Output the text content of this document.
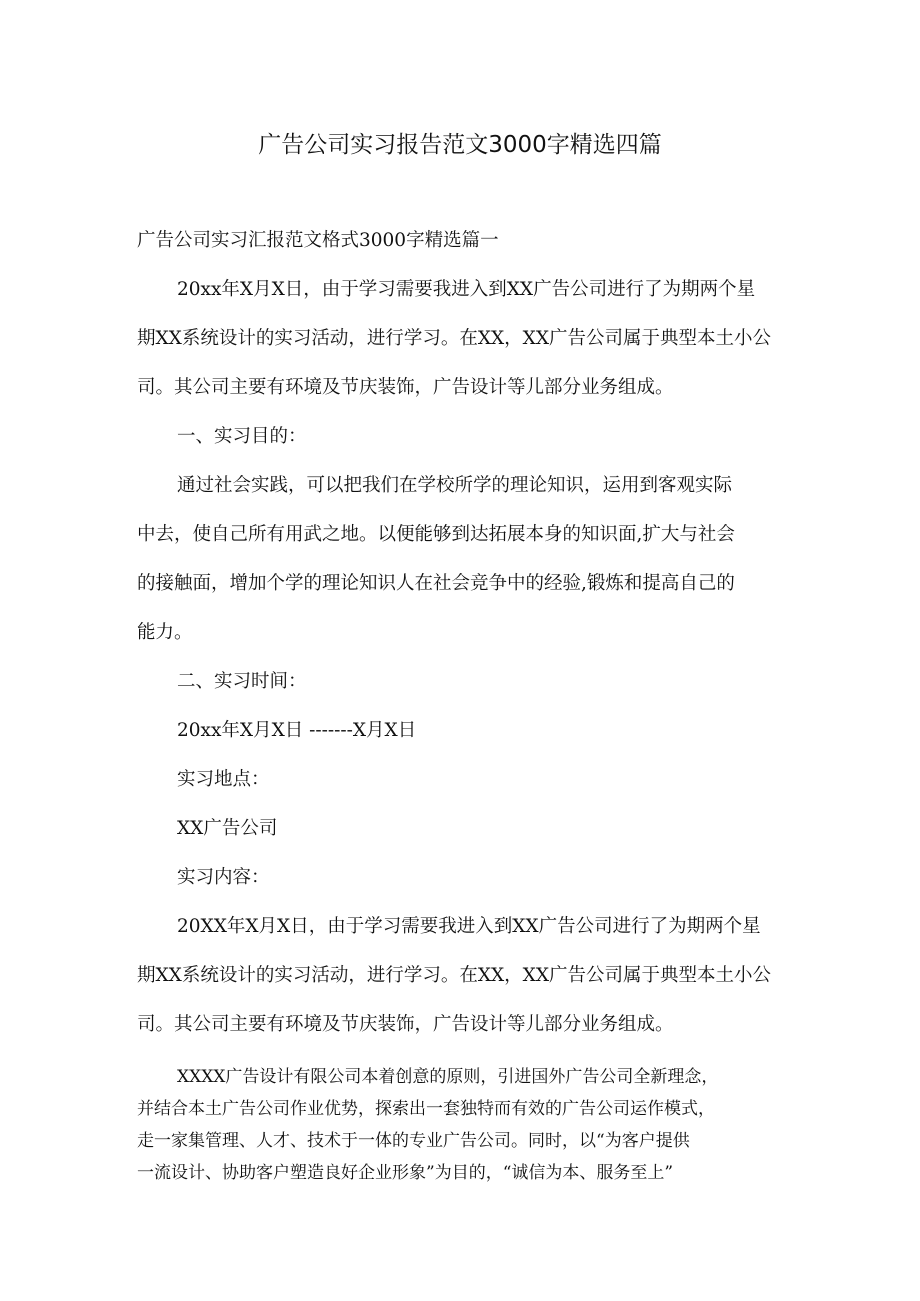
广告公司实习报告范文3000字精选四篇
广告公司实习汇报范文格式3000字精选篇一
20xx年X月X日，由于学习需要我进入到XX广告公司进行了为期两个星
期XX系统设计的实习活动，进行学习。在XX，XX广告公司属于典型本土小公
司。其公司主要有环境及节庆装饰，广告设计等儿部分业务组成。
一、实习目的：
通过社会实践，可以把我们在学校所学的理论知识，运用到客观实际
中去，使自己所有用武之地。以便能够到达拓展本身的知识面,扩大与社会
的接触面，增加个学的理论知识人在社会竞争中的经验,锻炼和提高自己的
能力。
二、实习时间：
20xx年X月X日 -------X月X日
实习地点：
XX广告公司
实习内容：
20XX年X月X日，由于学习需要我进入到XX广告公司进行了为期两个星
期XX系统设计的实习活动，进行学习。在XX，XX广告公司属于典型本土小公
司。其公司主要有环境及节庆装饰，广告设计等儿部分业务组成。
XXXX广告设计有限公司本着创意的原则，引进国外广告公司全新理念，
并结合本土广告公司作业优势，探索出一套独特而有效的广告公司运作模式，
走一家集管理、人才、技术于一体的专业广告公司。同时，以“为客户提供
一流设计、协助客户塑造良好企业形象”为目的，“诚信为本、服务至上”
